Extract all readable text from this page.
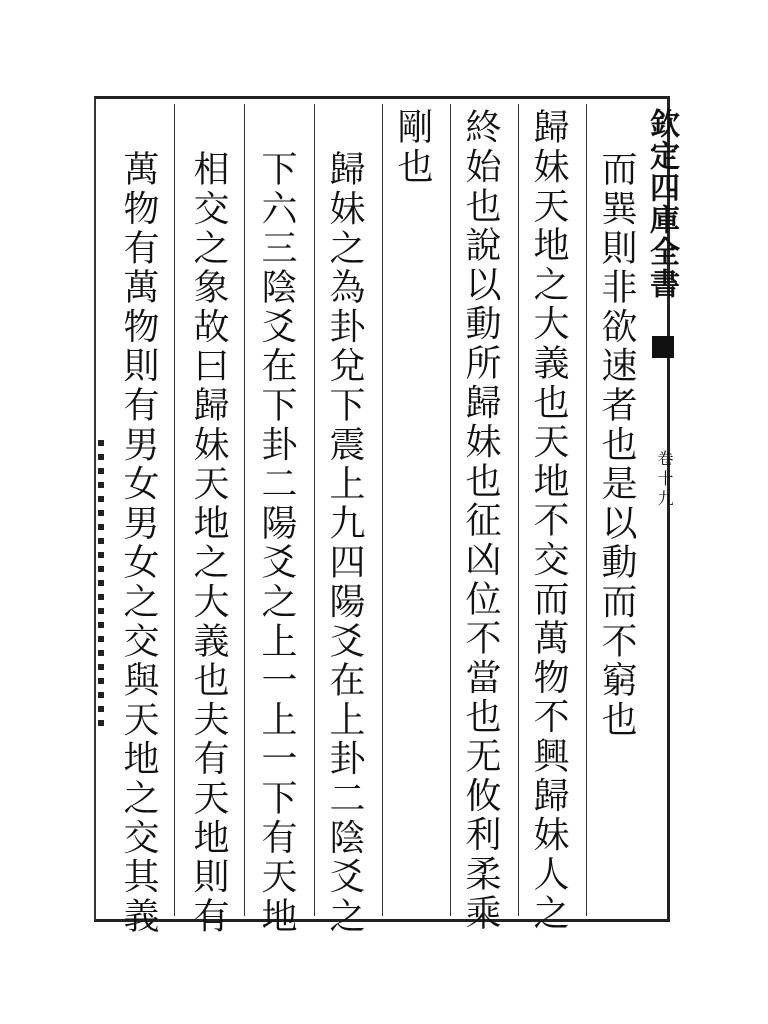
欽定四庫全書
卷十九
而巽則非欲速者也是以動而不窮也
歸妹天地之大義也天地不交而萬物不興歸妹人之
終始也說以動所歸妹也征凶位不當也无攸利柔乘
剛也
歸妹之為卦兌下震上九四陽爻在上卦二陰爻之
下六三陰爻在下卦二陽爻之上一上一下有天地
相交之象故曰歸妹天地之大義也夫有天地則有
萬物有萬物則有男女男女之交與天地之交其義
